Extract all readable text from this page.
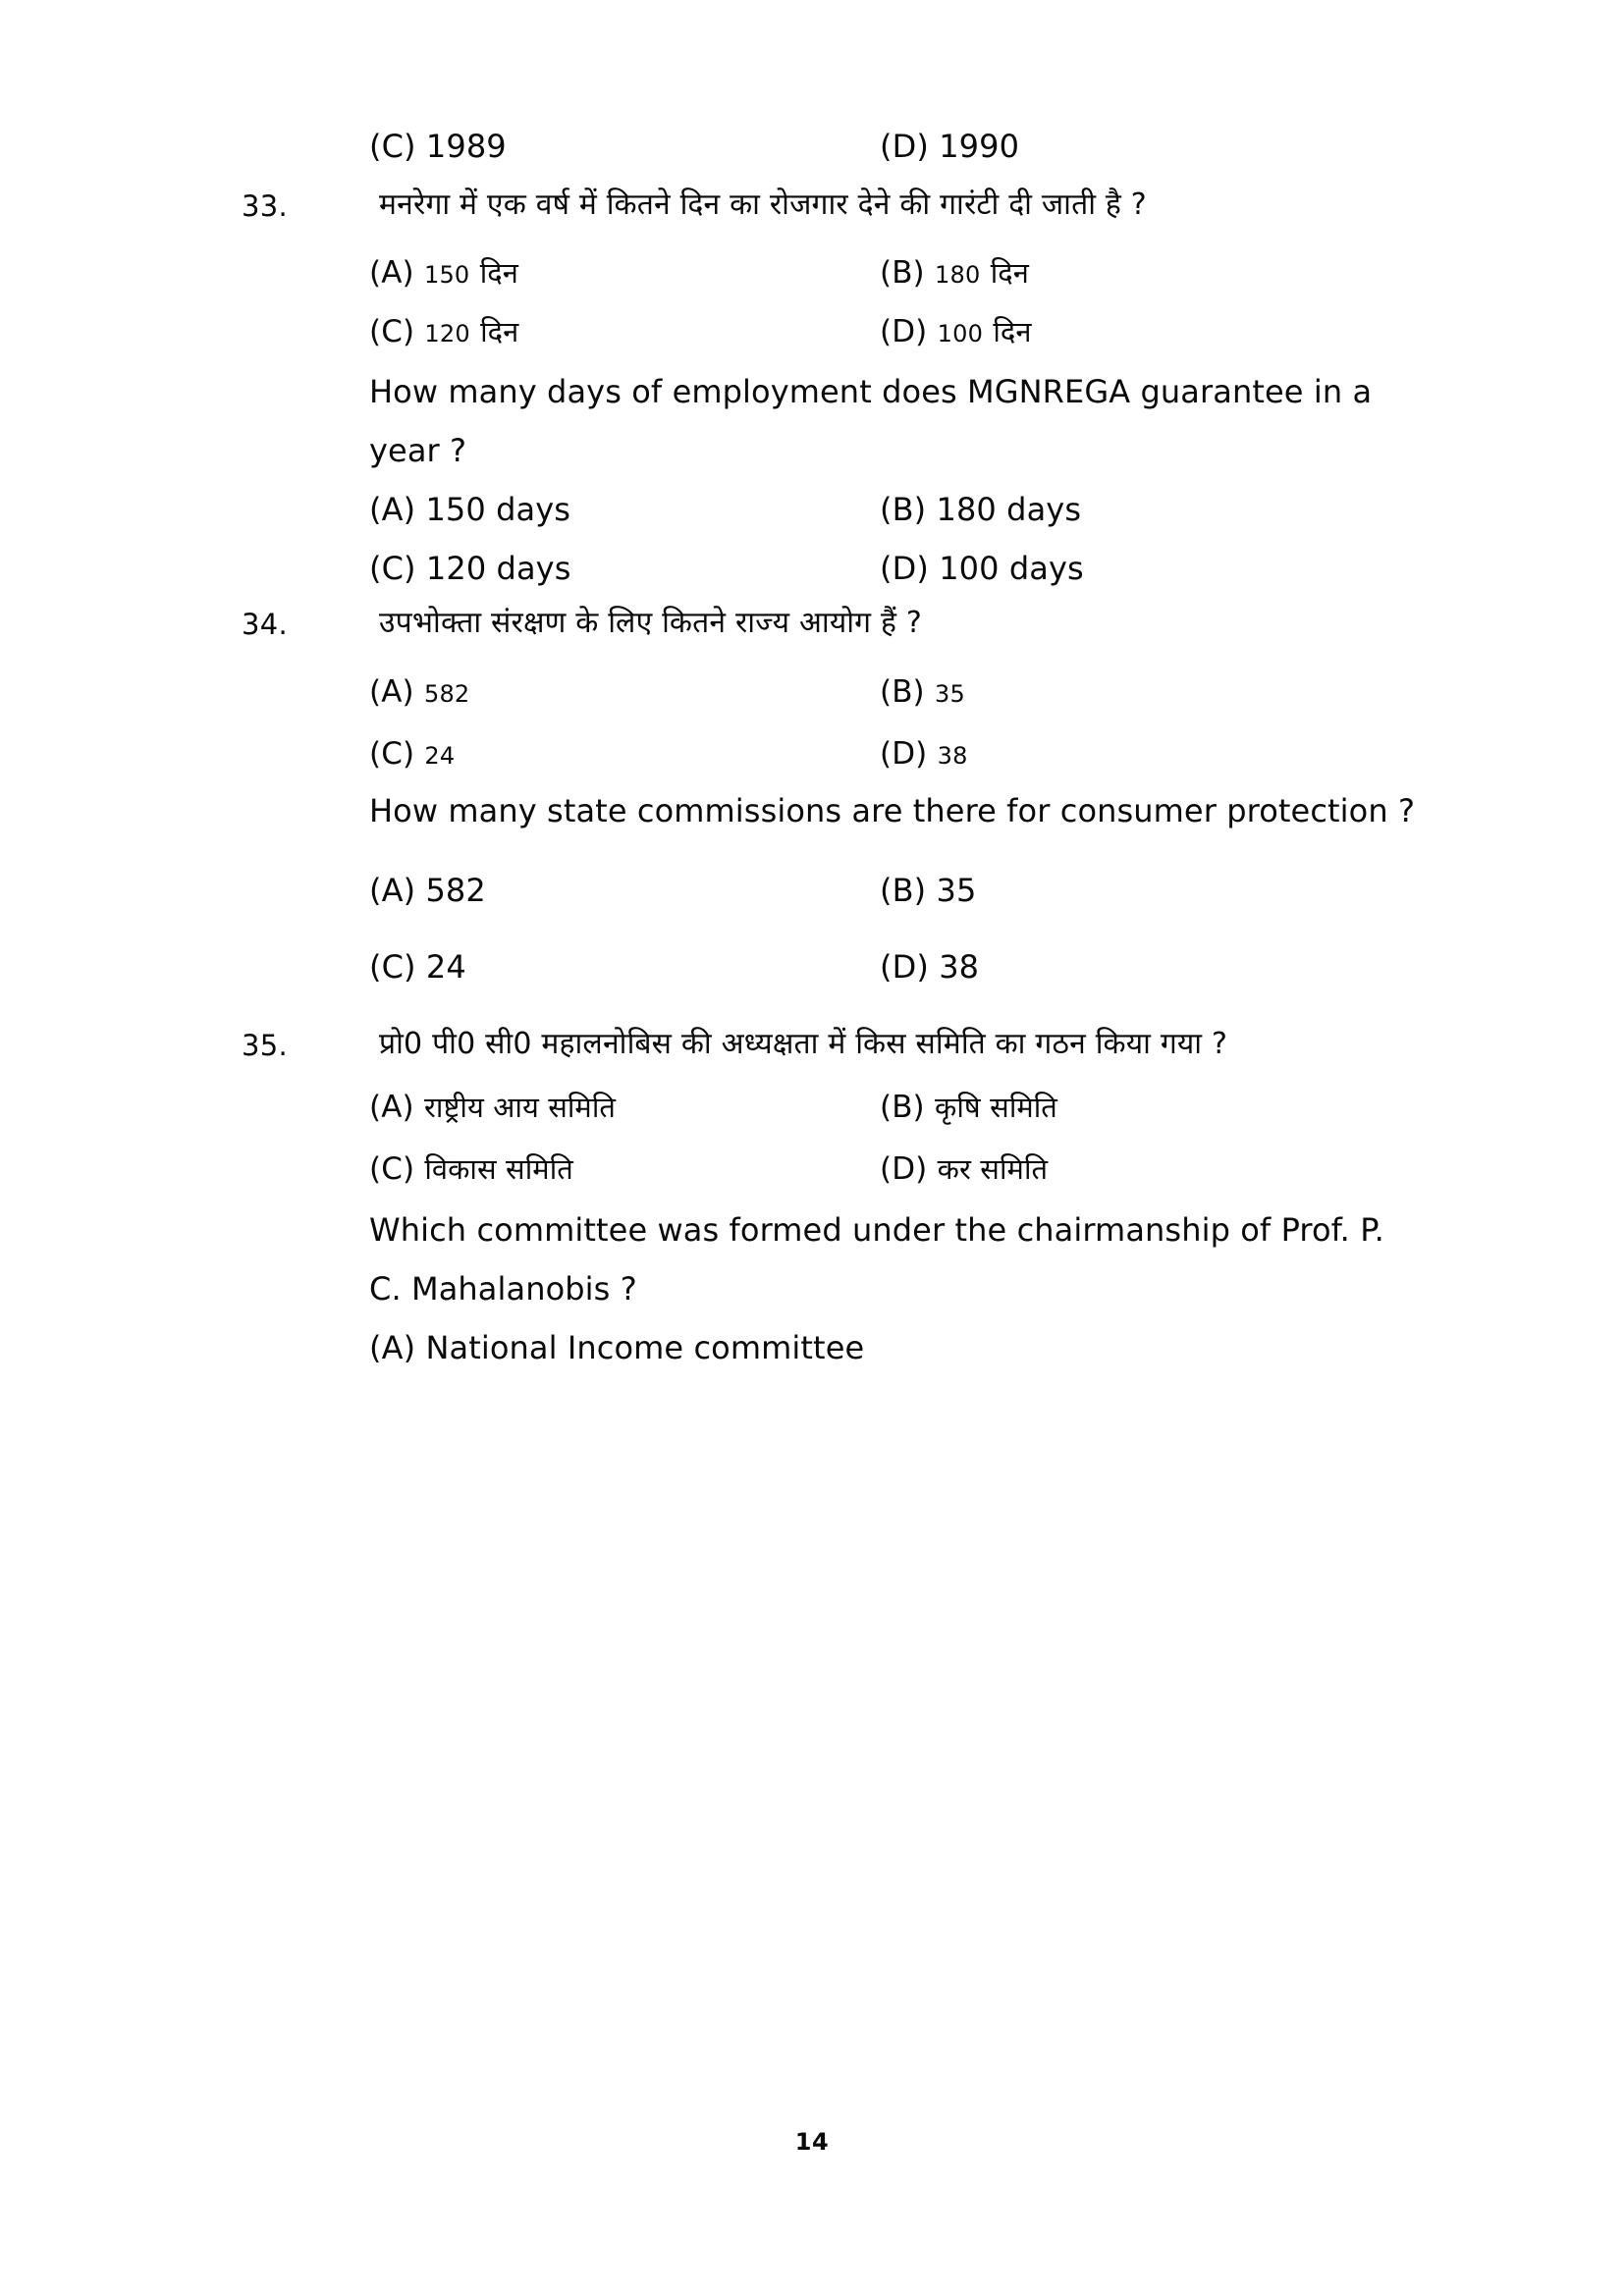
(C) 1989	(D) 1990
33.	मनरेगा में एक वर्ष में कितने दिन का रोजगार देने की गारंटी दी जाती है ?
(A) 150 दिन	(B) 180 दिन
(C) 120 दिन	(D) 100 दिन
How many days of employment does MGNREGA guarantee in a
year ?
(A) 150 days	(B) 180 days
(C) 120 days	(D) 100 days
34.	उपभोक्ता संरक्षण के लिए कितने राज्य आयोग हैं ?
(A) 582	(B) 35
(C) 24	(D) 38
How many state commissions are there for consumer protection ?
(A) 582	(B) 35
(C) 24	(D) 38
35.	प्रो0 पी0 सी0 महालनोबिस की अध्यक्षता में किस समिति का गठन किया गया ?
(A) राष्ट्रीय आय समिति	(B) कृषि समिति
(C) विकास समिति	(D) कर समिति
Which committee was formed under the chairmanship of Prof. P.
C. Mahalanobis ?
(A) National Income committee
14
